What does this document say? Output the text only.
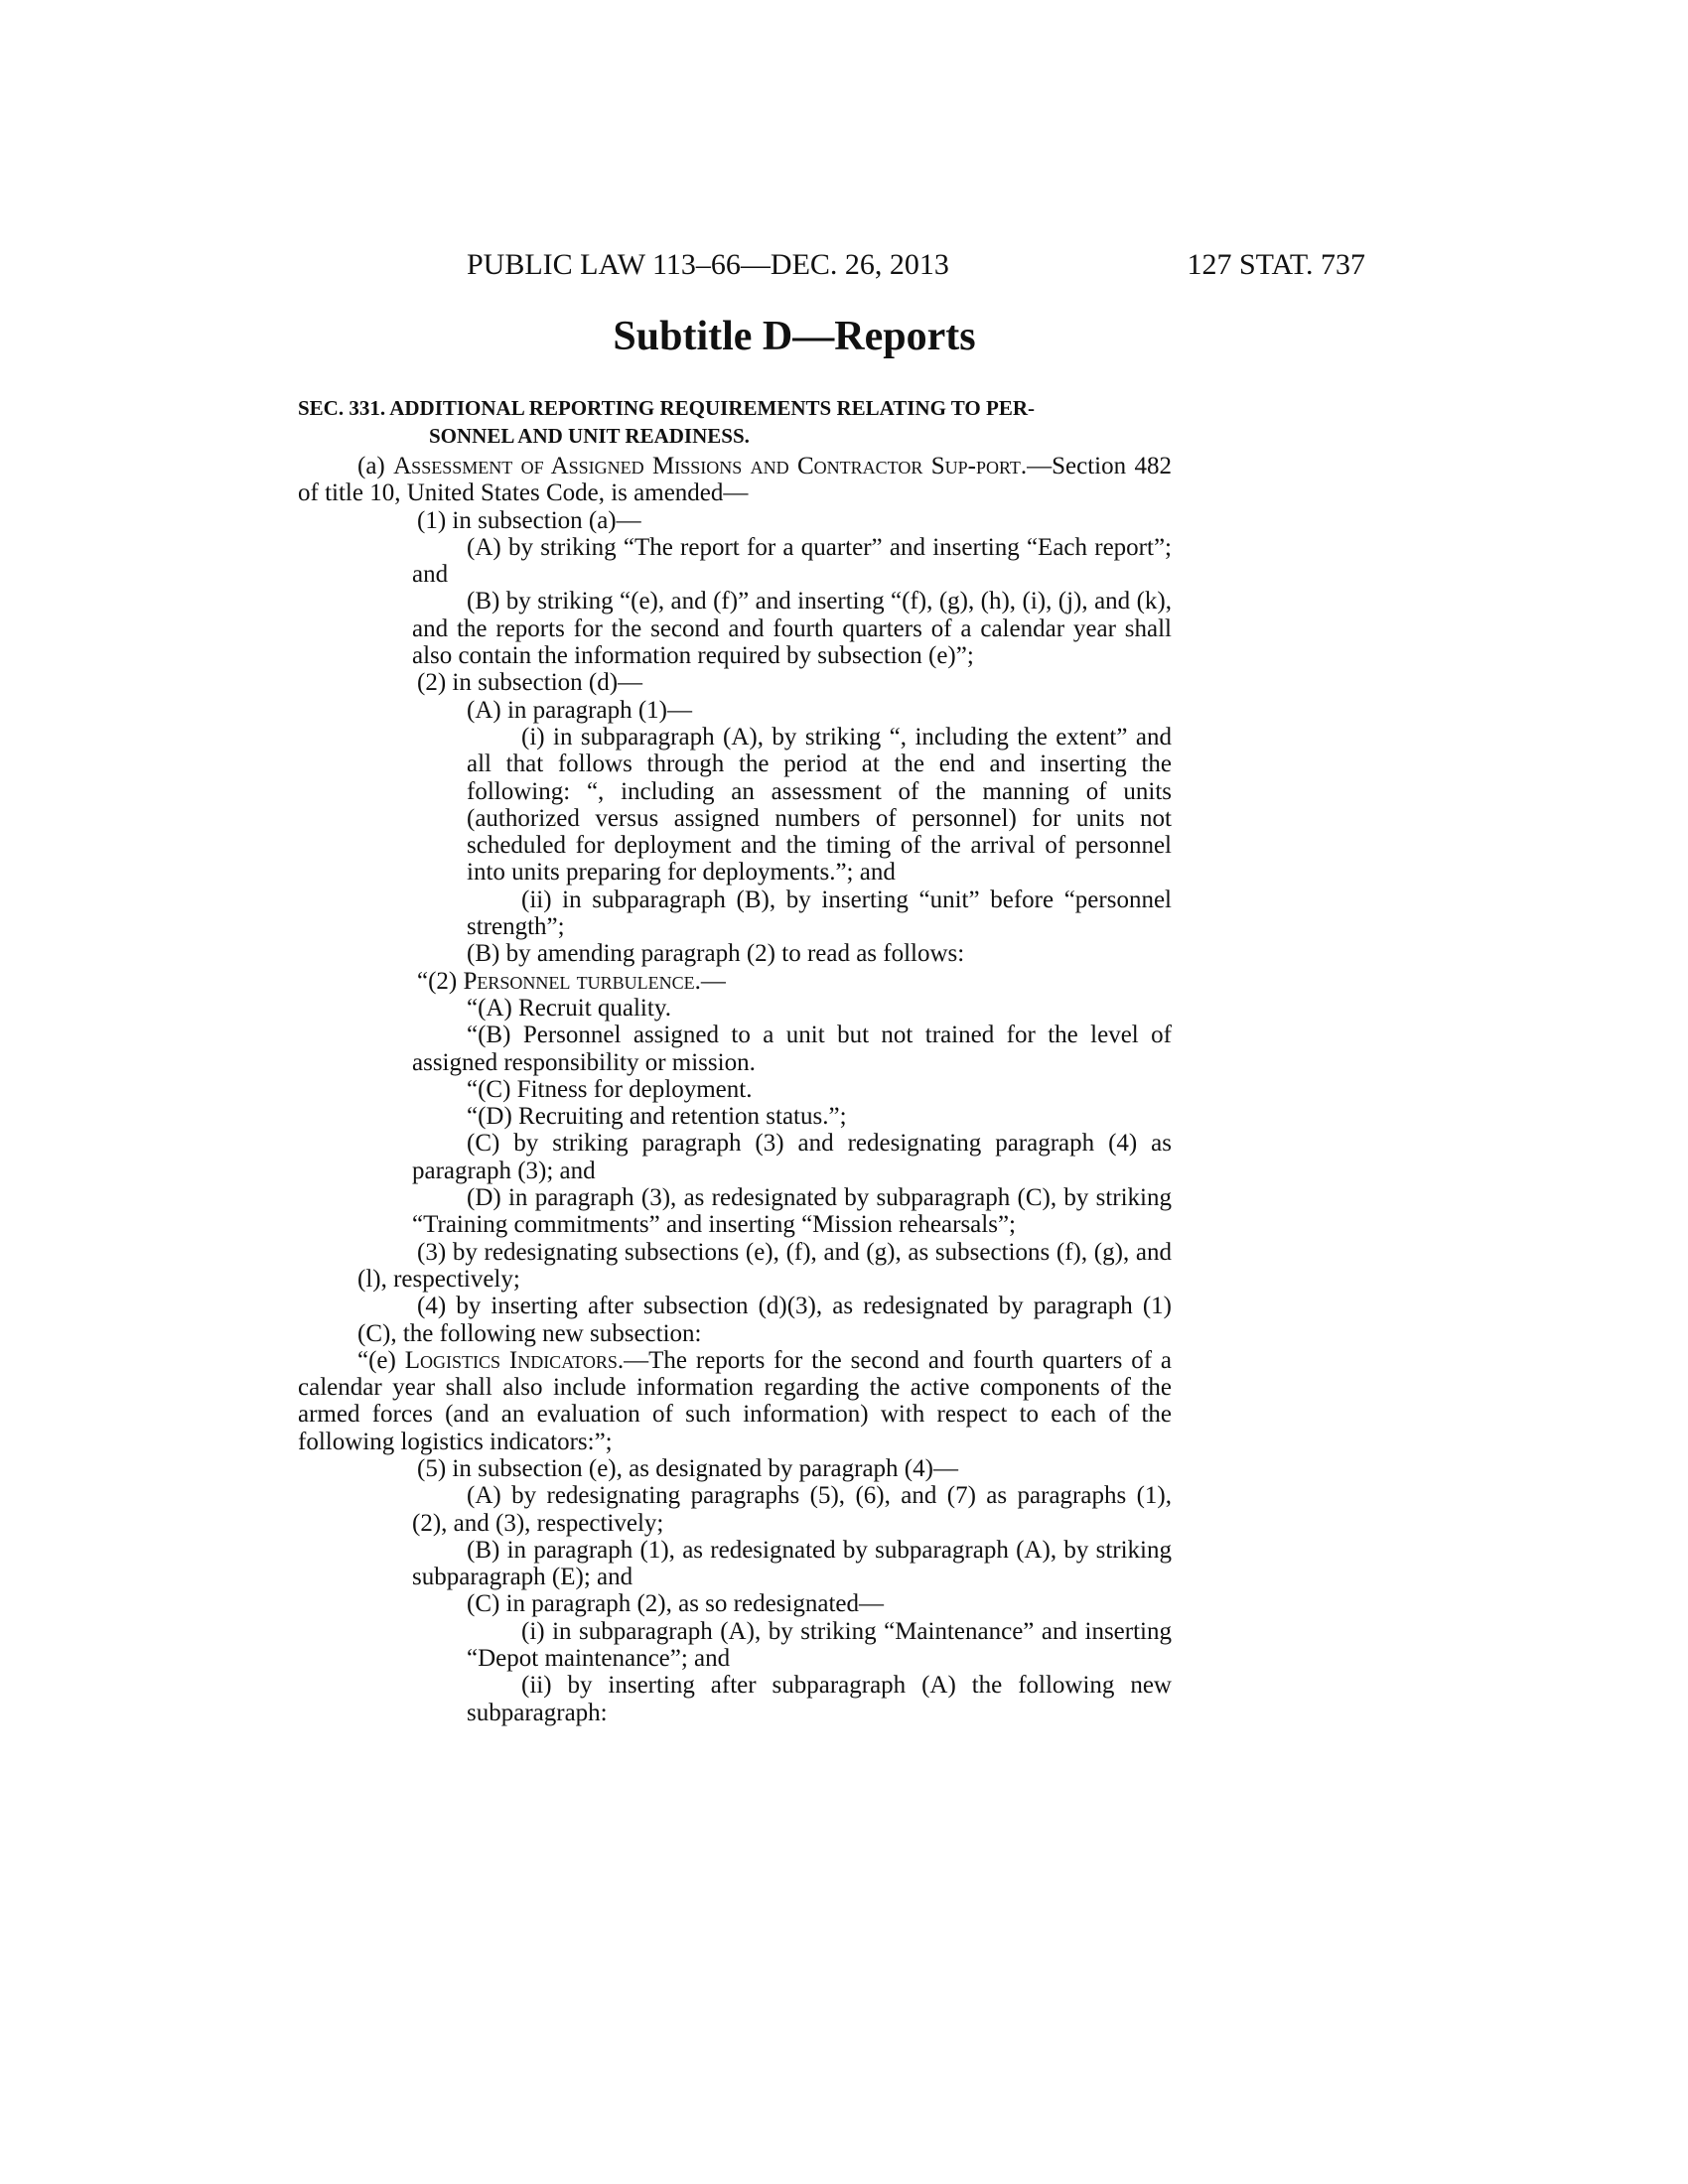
PUBLIC LAW 113–66—DEC. 26, 2013	127 STAT. 737
Subtitle D—Reports
SEC. 331. ADDITIONAL REPORTING REQUIREMENTS RELATING TO PER-
SONNEL AND UNIT READINESS.

(a) Assessment of Assigned Missions and Contractor Sup-port.—Section 482 of title 10, United States Code, is amended—

(1) in subsection (a)—

(A) by striking “The report for a quarter” and inserting “Each report”; and

(B) by striking “(e), and (f)” and inserting “(f), (g), (h), (i), (j), and (k), and the reports for the second and fourth quarters of a calendar year shall also contain the information required by subsection (e)”;

(2) in subsection (d)—

(A) in paragraph (1)—

(i) in subparagraph (A), by striking “, including the extent” and all that follows through the period at the end and inserting the following: “, including an assessment of the manning of units (authorized versus assigned numbers of personnel) for units not scheduled for deployment and the timing of the arrival of personnel into units preparing for deployments.”; and

(ii) in subparagraph (B), by inserting “unit” before “personnel strength”;

(B) by amending paragraph (2) to read as follows:

“(2) Personnel turbulence.—

“(A) Recruit quality.

“(B) Personnel assigned to a unit but not trained for the level of assigned responsibility or mission.

“(C) Fitness for deployment.

“(D) Recruiting and retention status.”;

(C) by striking paragraph (3) and redesignating paragraph (4) as paragraph (3); and

(D) in paragraph (3), as redesignated by subparagraph (C), by striking “Training commitments” and inserting “Mission rehearsals”;

(3) by redesignating subsections (e), (f), and (g), as subsections (f), (g), and (l), respectively;

(4) by inserting after subsection (d)(3), as redesignated by paragraph (1)(C), the following new subsection:

“(e) Logistics Indicators.—The reports for the second and fourth quarters of a calendar year shall also include information regarding the active components of the armed forces (and an evaluation of such information) with respect to each of the following logistics indicators:”;

(5) in subsection (e), as designated by paragraph (4)—

(A) by redesignating paragraphs (5), (6), and (7) as paragraphs (1), (2), and (3), respectively;

(B) in paragraph (1), as redesignated by subparagraph (A), by striking subparagraph (E); and

(C) in paragraph (2), as so redesignated—

(i) in subparagraph (A), by striking “Maintenance” and inserting “Depot maintenance”; and

(ii) by inserting after subparagraph (A) the following new subparagraph:
